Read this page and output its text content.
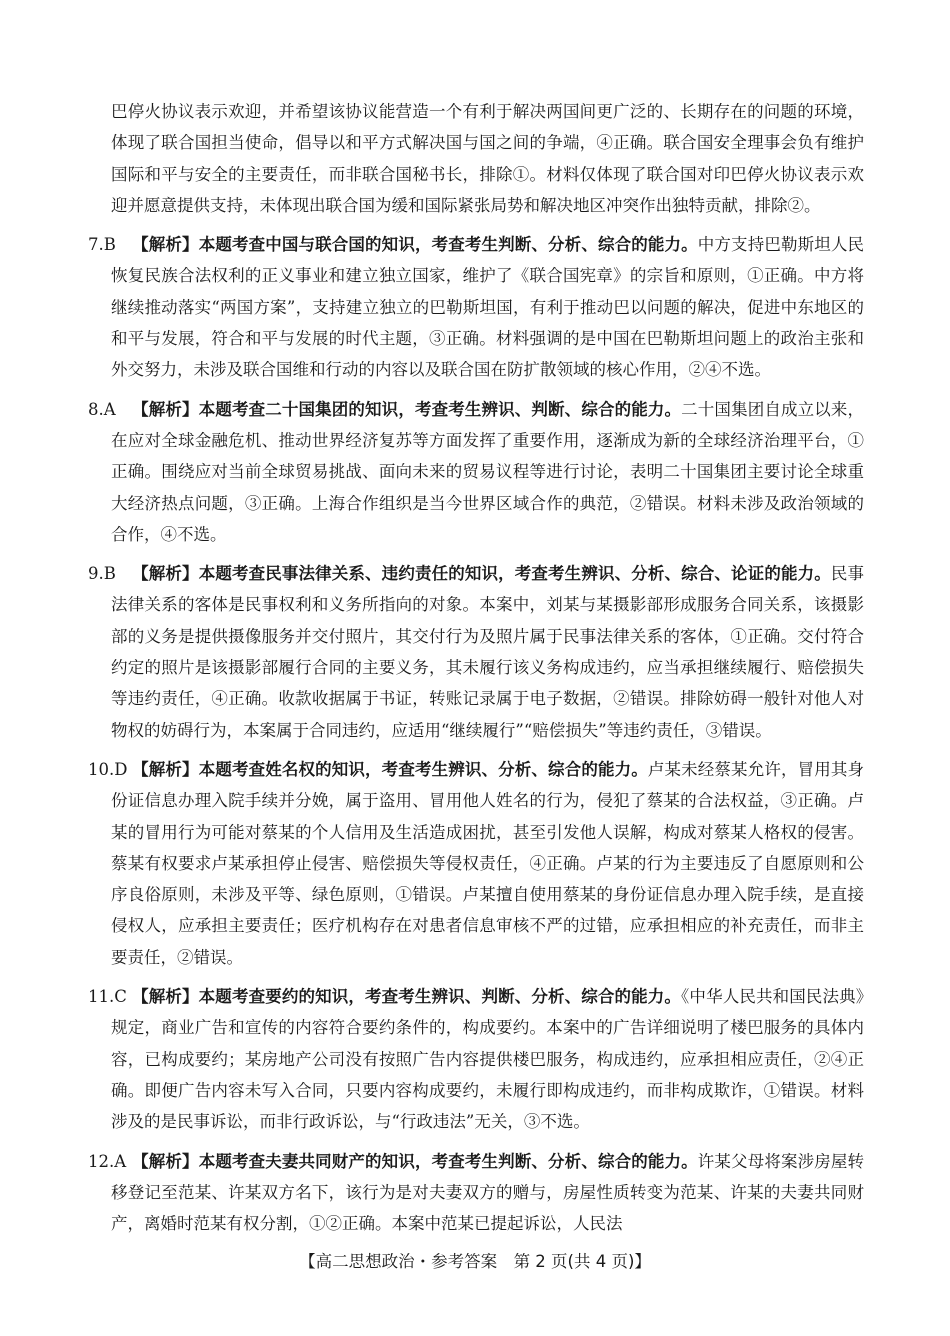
巴停火协议表示欢迎，并希望该协议能营造一个有利于解决两国间更广泛的、长期存在的问题的环境，体现了联合国担当使命，倡导以和平方式解决国与国之间的争端，④正确。联合国安全理事会负有维护国际和平与安全的主要责任，而非联合国秘书长，排除①。材料仅体现了联合国对印巴停火协议表示欢迎并愿意提供支持，未体现出联合国为缓和国际紧张局势和解决地区冲突作出独特贡献，排除②。

7.B 【解析】本题考查中国与联合国的知识，考查考生判断、分析、综合的能力。中方支持巴勒斯坦人民恢复民族合法权利的正义事业和建立独立国家，维护了《联合国宪章》的宗旨和原则，①正确。中方将继续推动落实“两国方案”，支持建立独立的巴勒斯坦国，有利于推动巴以问题的解决，促进中东地区的和平与发展，符合和平与发展的时代主题，③正确。材料强调的是中国在巴勒斯坦问题上的政治主张和外交努力，未涉及联合国维和行动的内容以及联合国在防扩散领域的核心作用，②④不选。

8.A 【解析】本题考查二十国集团的知识，考查考生辨识、判断、综合的能力。二十国集团自成立以来，在应对全球金融危机、推动世界经济复苏等方面发挥了重要作用，逐渐成为新的全球经济治理平台，①正确。围绕应对当前全球贸易挑战、面向未来的贸易议程等进行讨论，表明二十国集团主要讨论全球重大经济热点问题，③正确。上海合作组织是当今世界区域合作的典范，②错误。材料未涉及政治领域的合作，④不选。

9.B 【解析】本题考查民事法律关系、违约责任的知识，考查考生辨识、分析、综合、论证的能力。民事法律关系的客体是民事权利和义务所指向的对象。本案中，刘某与某摄影部形成服务合同关系，该摄影部的义务是提供摄像服务并交付照片，其交付行为及照片属于民事法律关系的客体，①正确。交付符合约定的照片是该摄影部履行合同的主要义务，其未履行该义务构成违约，应当承担继续履行、赔偿损失等违约责任，④正确。收款收据属于书证，转账记录属于电子数据，②错误。排除妨碍一般针对他人对物权的妨碍行为，本案属于合同违约，应适用“继续履行”“赔偿损失”等违约责任，③错误。

10.D 【解析】本题考查姓名权的知识，考查考生辨识、分析、综合的能力。卢某未经蔡某允许，冒用其身份证信息办理入院手续并分娩，属于盗用、冒用他人姓名的行为，侵犯了蔡某的合法权益，③正确。卢某的冒用行为可能对蔡某的个人信用及生活造成困扰，甚至引发他人误解，构成对蔡某人格权的侵害。蔡某有权要求卢某承担停止侵害、赔偿损失等侵权责任，④正确。卢某的行为主要违反了自愿原则和公序良俗原则，未涉及平等、绿色原则，①错误。卢某擅自使用蔡某的身份证信息办理入院手续，是直接侵权人，应承担主要责任；医疗机构存在对患者信息审核不严的过错，应承担相应的补充责任，而非主要责任，②错误。

11.C 【解析】本题考查要约的知识，考查考生辨识、判断、分析、综合的能力。《中华人民共和国民法典》规定，商业广告和宣传的内容符合要约条件的，构成要约。本案中的广告详细说明了楼巴服务的具体内容，已构成要约；某房地产公司没有按照广告内容提供楼巴服务，构成违约，应承担相应责任，②④正确。即便广告内容未写入合同，只要内容构成要约，未履行即构成违约，而非构成欺诈，①错误。材料涉及的是民事诉讼，而非行政诉讼，与“行政违法”无关，③不选。

12.A 【解析】本题考查夫妻共同财产的知识，考查考生判断、分析、综合的能力。许某父母将案涉房屋转移登记至范某、许某双方名下，该行为是对夫妻双方的赠与，房屋性质转变为范某、许某的夫妻共同财产，离婚时范某有权分割，①②正确。本案中范某已提起诉讼，人民法

【高二思想政治・参考答案　第 2 页(共 4 页)】
